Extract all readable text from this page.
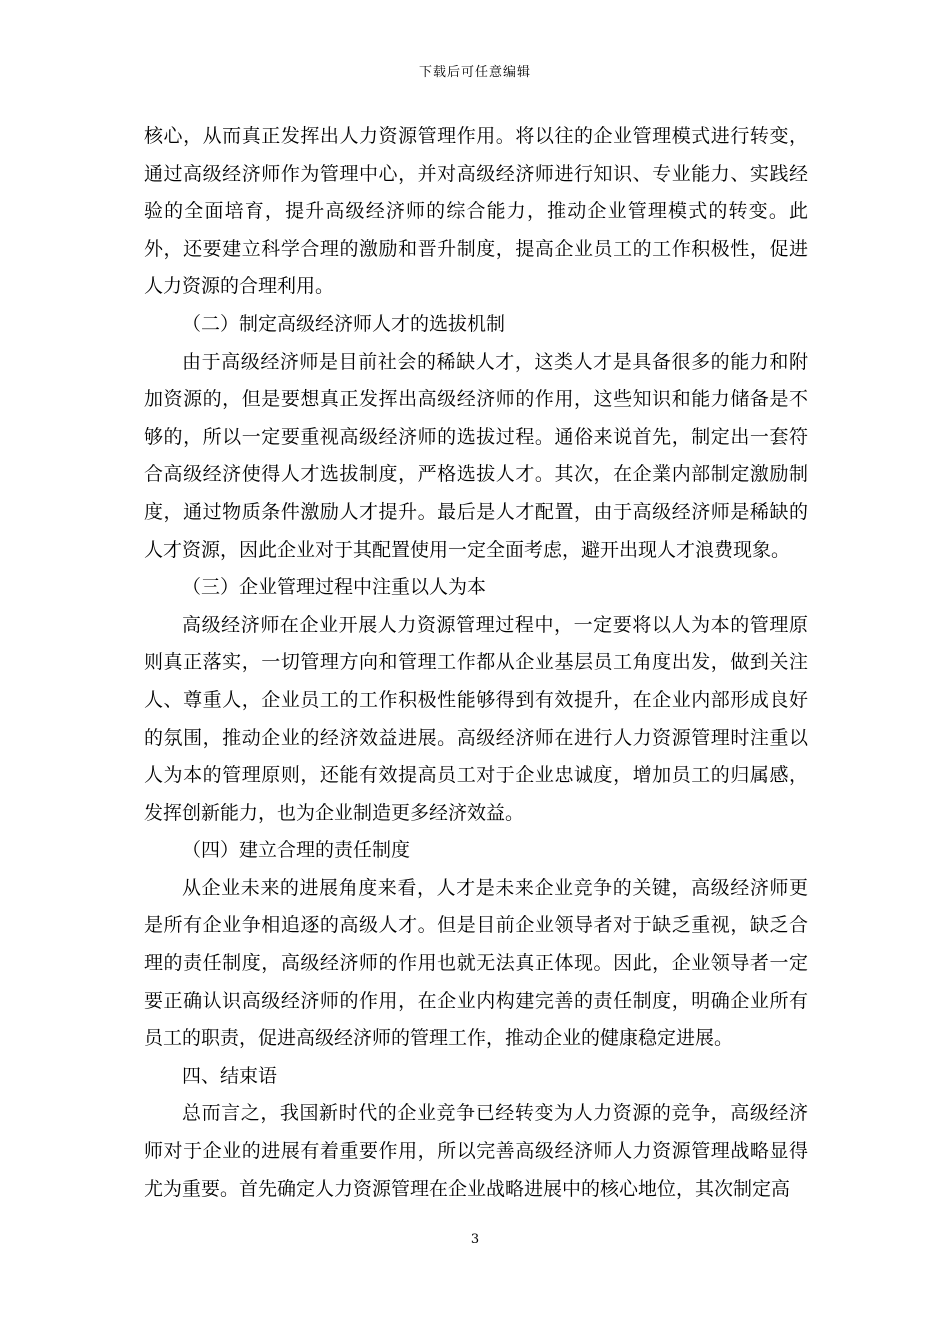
下载后可任意编辑

核心，从而真正发挥出人力资源管理作用。将以往的企业管理模式进行转变，通过高级经济师作为管理中心，并对高级经济师进行知识、专业能力、实践经验的全面培育，提升高级经济师的综合能力，推动企业管理模式的转变。此外，还要建立科学合理的激励和晋升制度，提高企业员工的工作积极性，促进人力资源的合理利用。

（二）制定高级经济师人才的选拔机制

由于高级经济师是目前社会的稀缺人才，这类人才是具备很多的能力和附加资源的，但是要想真正发挥出高级经济师的作用，这些知识和能力储备是不够的，所以一定要重视高级经济师的选拔过程。通俗来说首先，制定出一套符合高级经济使得人才选拔制度，严格选拔人才。其次，在企業内部制定激励制度，通过物质条件激励人才提升。最后是人才配置，由于高级经济师是稀缺的人才资源，因此企业对于其配置使用一定全面考虑，避开出现人才浪费现象。

（三）企业管理过程中注重以人为本

高级经济师在企业开展人力资源管理过程中，一定要将以人为本的管理原则真正落实，一切管理方向和管理工作都从企业基层员工角度出发，做到关注人、尊重人，企业员工的工作积极性能够得到有效提升，在企业内部形成良好的氛围，推动企业的经济效益进展。高级经济师在进行人力资源管理时注重以人为本的管理原则，还能有效提高员工对于企业忠诚度，增加员工的归属感，发挥创新能力，也为企业制造更多经济效益。

（四）建立合理的责任制度

从企业未来的进展角度来看，人才是未来企业竞争的关键，高级经济师更是所有企业争相追逐的高级人才。但是目前企业领导者对于缺乏重视，缺乏合理的责任制度，高级经济师的作用也就无法真正体现。因此，企业领导者一定要正确认识高级经济师的作用，在企业内构建完善的责任制度，明确企业所有员工的职责，促进高级经济师的管理工作，推动企业的健康稳定进展。

四、结束语

总而言之，我国新时代的企业竞争已经转变为人力资源的竞争，高级经济师对于企业的进展有着重要作用，所以完善高级经济师人力资源管理战略显得尤为重要。首先确定人力资源管理在企业战略进展中的核心地位，其次制定高

3
